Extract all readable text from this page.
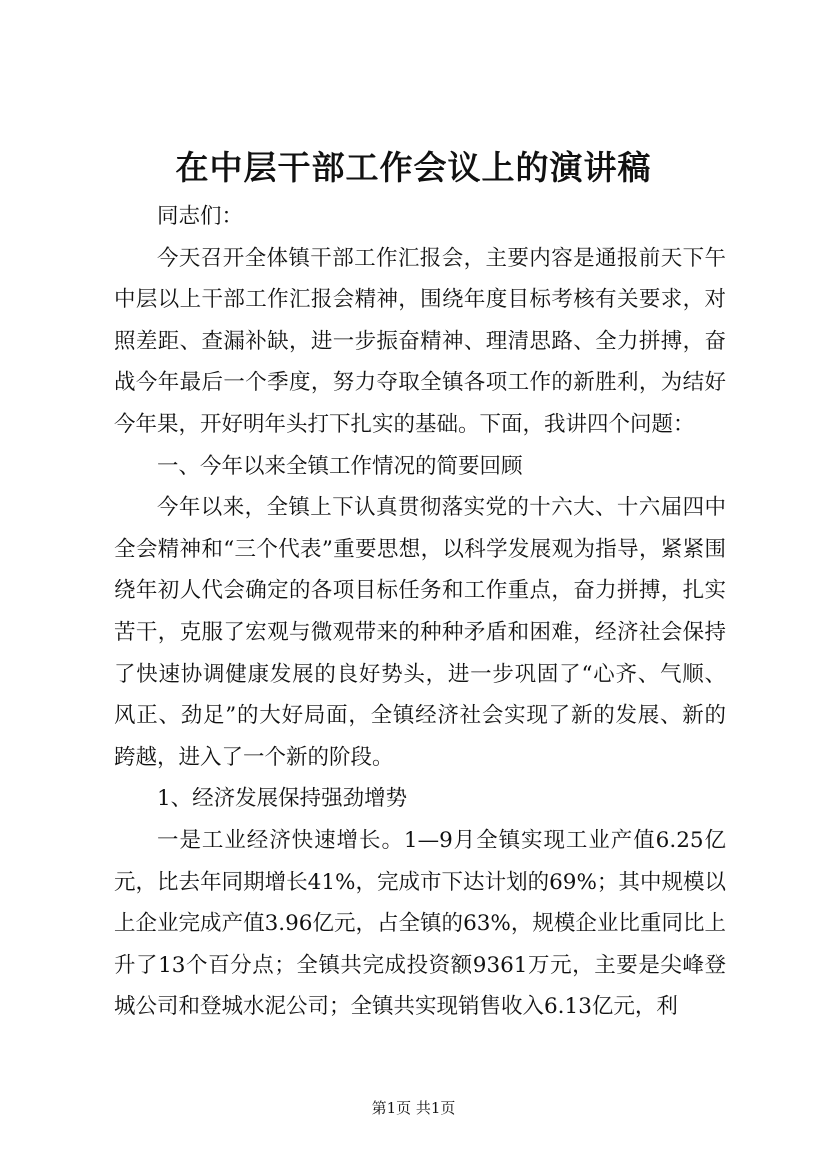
在中层干部工作会议上的演讲稿

同志们：

今天召开全体镇干部工作汇报会，主要内容是通报前天下午中层以上干部工作汇报会精神，围绕年度目标考核有关要求，对照差距、查漏补缺，进一步振奋精神、理清思路、全力拼搏，奋战今年最后一个季度，努力夺取全镇各项工作的新胜利，为结好今年果，开好明年头打下扎实的基础。下面，我讲四个问题：

一、今年以来全镇工作情况的简要回顾

今年以来，全镇上下认真贯彻落实党的十六大、十六届四中全会精神和“三个代表”重要思想，以科学发展观为指导，紧紧围绕年初人代会确定的各项目标任务和工作重点，奋力拼搏，扎实苦干，克服了宏观与微观带来的种种矛盾和困难，经济社会保持了快速协调健康发展的良好势头，进一步巩固了“心齐、气顺、风正、劲足”的大好局面，全镇经济社会实现了新的发展、新的跨越，进入了一个新的阶段。

1、经济发展保持强劲增势

一是工业经济快速增长。1—9月全镇实现工业产值6.25亿元，比去年同期增长41%，完成市下达计划的69%；其中规模以上企业完成产值3.96亿元，占全镇的63%，规模企业比重同比上升了13个百分点；全镇共完成投资额9361万元，主要是尖峰登城公司和登城水泥公司；全镇共实现销售收入6.13亿元，利

第1页 共1页
